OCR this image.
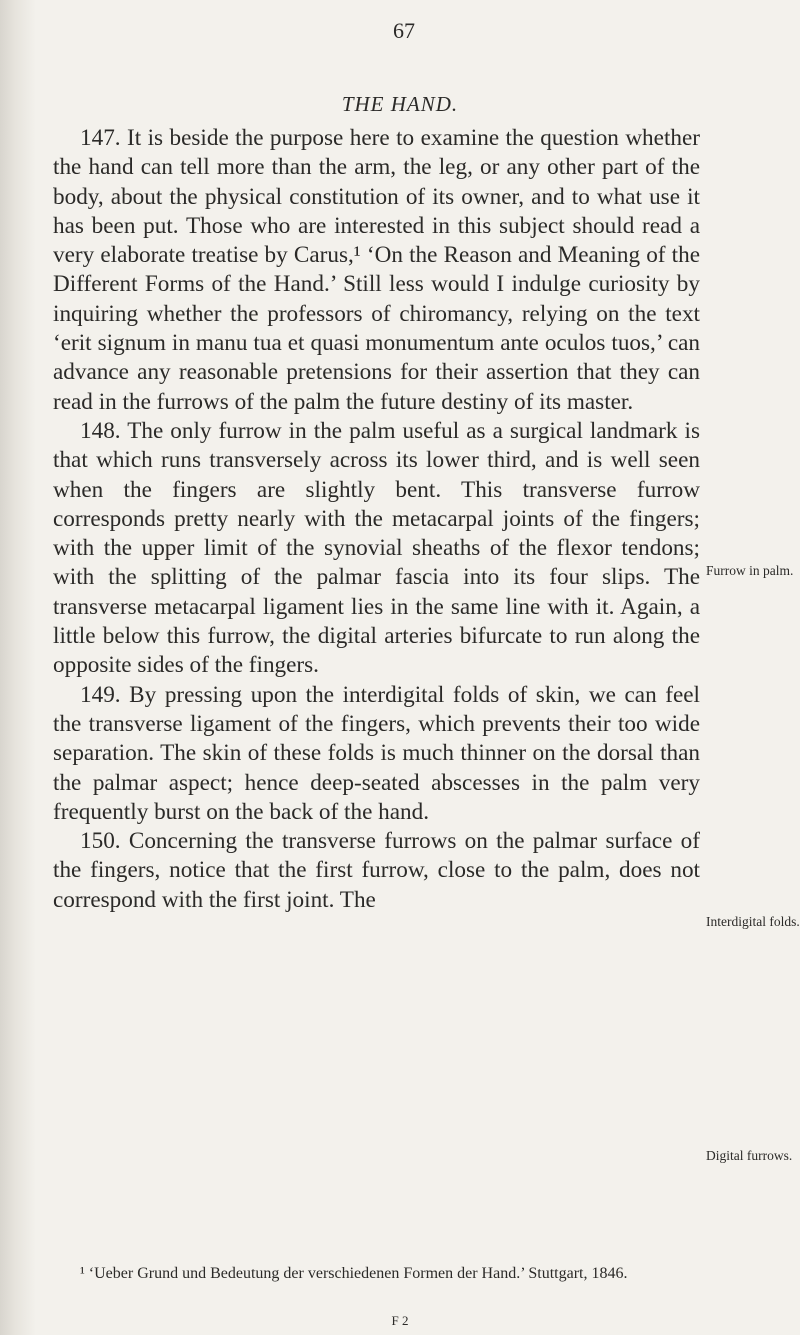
67
THE HAND.

147. It is beside the purpose here to examine the question whether the hand can tell more than the arm, the leg, or any other part of the body, about the physical constitution of its owner, and to what use it has been put. Those who are interested in this subject should read a very elaborate treatise by Carus,¹ ‘On the Reason and Meaning of the Different Forms of the Hand.’ Still less would I indulge curiosity by inquiring whether the professors of chiromancy, relying on the text ‘erit signum in manu tua et quasi monumentum ante oculos tuos,’ can advance any reasonable pretensions for their assertion that they can read in the furrows of the palm the future destiny of its master.

148. The only furrow in the palm useful as a surgical landmark is that which runs transversely across its lower third, and is well seen when the fingers are slightly bent. This transverse furrow corresponds pretty nearly with the metacarpal joints of the fingers; with the upper limit of the synovial sheaths of the flexor tendons; with the splitting of the palmar fascia into its four slips. The transverse metacarpal ligament lies in the same line with it. Again, a little below this furrow, the digital arteries bifurcate to run along the opposite sides of the fingers.

149. By pressing upon the interdigital folds of skin, we can feel the transverse ligament of the fingers, which prevents their too wide separation. The skin of these folds is much thinner on the dorsal than the palmar aspect; hence deep-seated abscesses in the palm very frequently burst on the back of the hand.

150. Concerning the transverse furrows on the palmar surface of the fingers, notice that the first furrow, close to the palm, does not correspond with the first joint. The

Furrow in palm.
Interdigital folds.
Digital furrows.
¹ ‘Ueber Grund und Bedeutung der verschiedenen Formen der Hand.’ Stuttgart, 1846.
F 2
